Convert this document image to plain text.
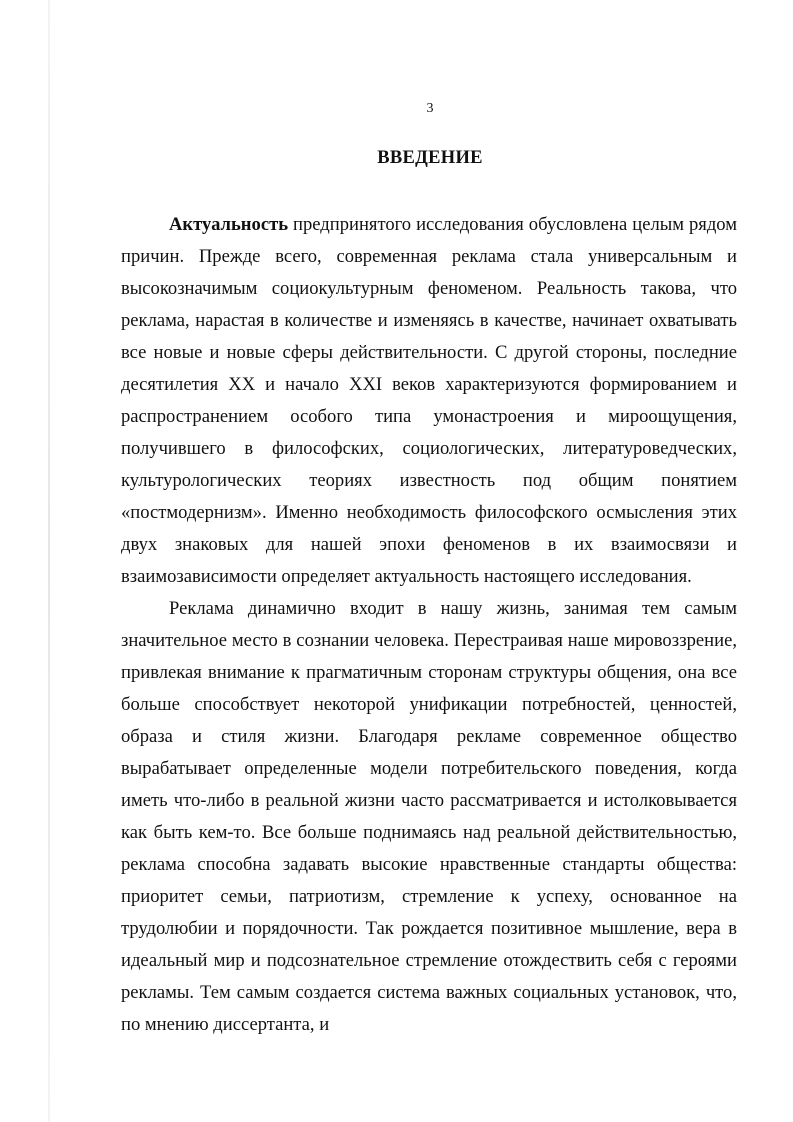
3
ВВЕДЕНИЕ

Актуальность предпринятого исследования обусловлена целым рядом причин. Прежде всего, современная реклама стала универсальным и высокозначимым социокультурным феноменом. Реальность такова, что реклама, нарастая в количестве и изменяясь в качестве, начинает охватывать все новые и новые сферы действительности. С другой стороны, последние десятилетия XX и начало XXI веков характеризуются формированием и распространением особого типа умонастроения и мироощущения, получившего в философских, социологических, литературоведческих, культурологических теориях известность под общим понятием «постмодернизм». Именно необходимость философского осмысления этих двух знаковых для нашей эпохи феноменов в их взаимосвязи и взаимозависимости определяет актуальность настоящего исследования.

Реклама динамично входит в нашу жизнь, занимая тем самым значительное место в сознании человека. Перестраивая наше мировоззрение, привлекая внимание к прагматичным сторонам структуры общения, она все больше способствует некоторой унификации потребностей, ценностей, образа и стиля жизни. Благодаря рекламе современное общество вырабатывает определенные модели потребительского поведения, когда иметь что-либо в реальной жизни часто рассматривается и истолковывается как быть кем-то. Все больше поднимаясь над реальной действительностью, реклама способна задавать высокие нравственные стандарты общества: приоритет семьи, патриотизм, стремление к успеху, основанное на трудолюбии и порядочности. Так рождается позитивное мышление, вера в идеальный мир и подсознательное стремление отождествить себя с героями рекламы. Тем самым создается система важных социальных установок, что, по мнению диссертанта, и
